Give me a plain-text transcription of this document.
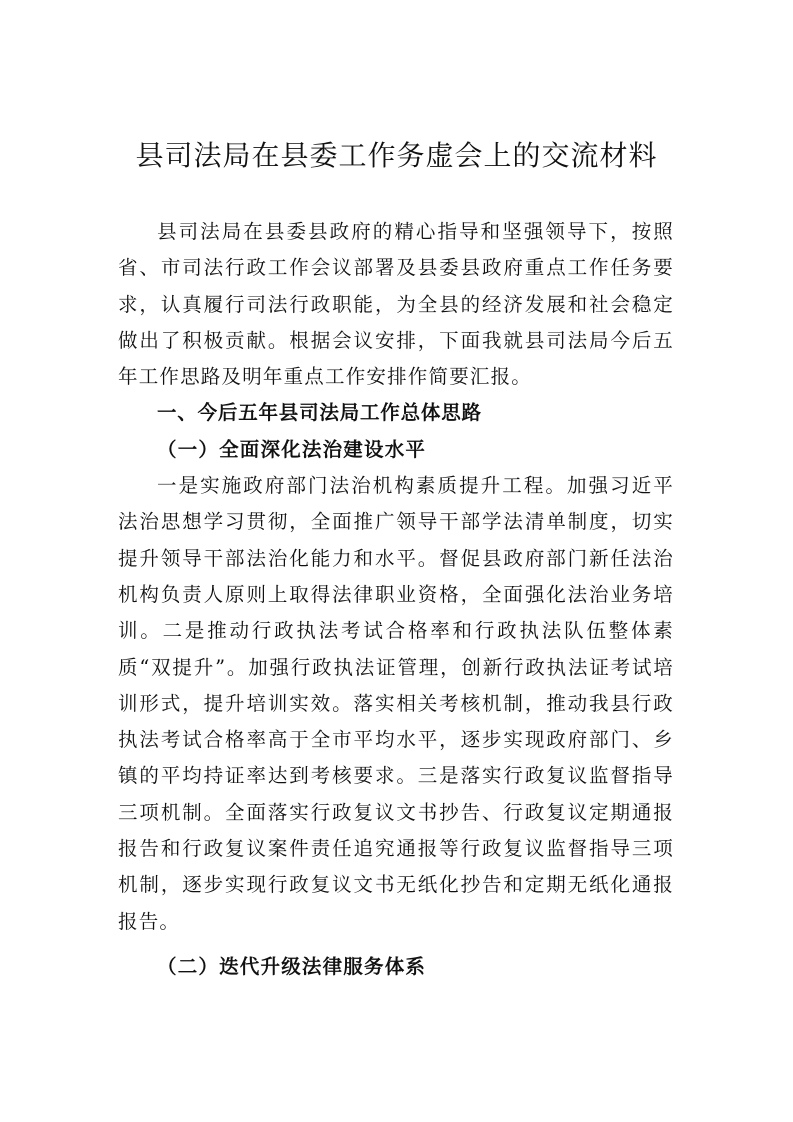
县司法局在县委工作务虚会上的交流材料

县司法局在县委县政府的精心指导和坚强领导下，按照省、市司法行政工作会议部署及县委县政府重点工作任务要求，认真履行司法行政职能，为全县的经济发展和社会稳定做出了积极贡献。根据会议安排，下面我就县司法局今后五年工作思路及明年重点工作安排作简要汇报。

一、今后五年县司法局工作总体思路

（一）全面深化法治建设水平

一是实施政府部门法治机构素质提升工程。加强习近平法治思想学习贯彻，全面推广领导干部学法清单制度，切实提升领导干部法治化能力和水平。督促县政府部门新任法治机构负责人原则上取得法律职业资格，全面强化法治业务培训。二是推动行政执法考试合格率和行政执法队伍整体素质“双提升”。加强行政执法证管理，创新行政执法证考试培训形式，提升培训实效。落实相关考核机制，推动我县行政执法考试合格率高于全市平均水平，逐步实现政府部门、乡镇的平均持证率达到考核要求。三是落实行政复议监督指导三项机制。全面落实行政复议文书抄告、行政复议定期通报报告和行政复议案件责任追究通报等行政复议监督指导三项机制，逐步实现行政复议文书无纸化抄告和定期无纸化通报报告。

（二）迭代升级法律服务体系
